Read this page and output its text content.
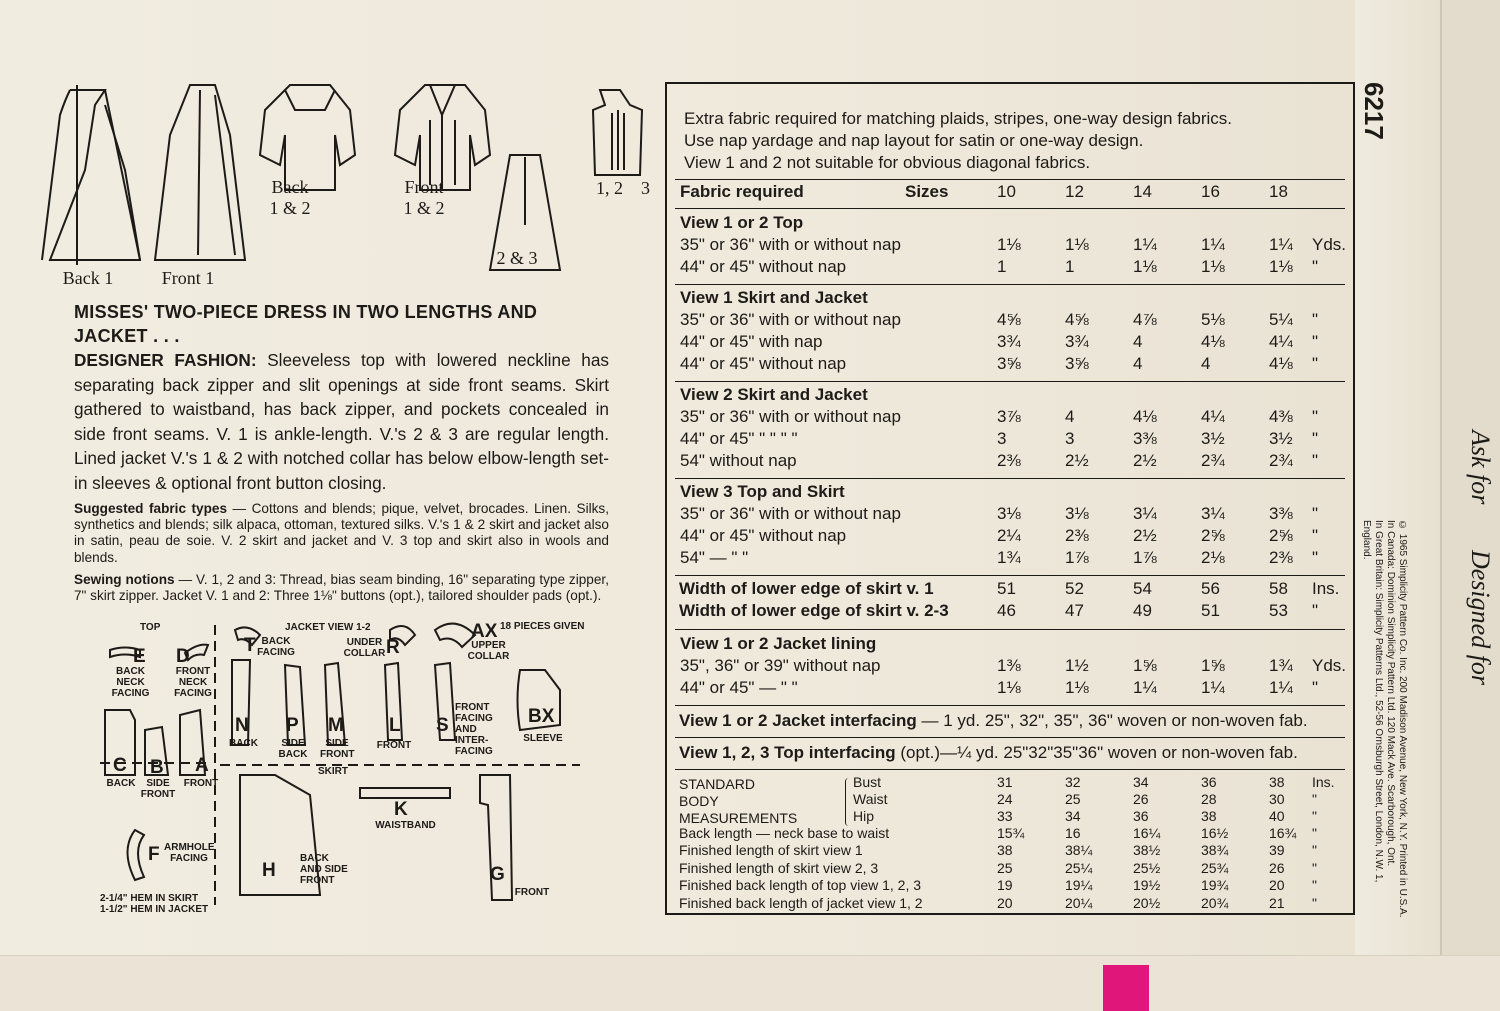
Back 1	Front 1
Back
1 & 2
Front
1 & 2
2 & 3
1, 2    3

MISSES' TWO-PIECE DRESS IN TWO LENGTHS AND JACKET . . .

DESIGNER FASHION: Sleeveless top with lowered neckline has separating back zipper and slit openings at side front seams. Skirt gathered to waistband, has back zipper, and pockets concealed in side front seams. V. 1 is ankle-length. V.'s 2 & 3 are regular length. Lined jacket V.'s 1 & 2 with notched collar has below elbow-length set-in sleeves & optional front button closing.

Suggested fabric types — Cottons and blends; pique, velvet, brocades. Linen. Silks, synthetics and blends; silk alpaca, ottoman, textured silks. V.'s 1 & 2 skirt and jacket also in satin, peau de soie. V. 2 skirt and jacket and V. 3 top and skirt also in wools and blends.

Sewing notions — V. 1, 2 and 3: Thread, bias seam binding, 16" separating type zipper, 7" skirt zipper. Jacket V. 1 and 2: Three 1⅛" buttons (opt.), tailored shoulder pads (opt.).

TOP	JACKET VIEW 1-2	18 PIECES GIVEN
SKIRT
E
BACK NECK FACING
D
FRONT NECK FACING
T BACK FACING	R
UNDER COLLAR
AX
UPPER COLLAR
N
BACK
P
SIDE BACK
M
SIDE FRONT
L
FRONT
S
FRONT FACING AND INTER-FACING
BX
SLEEVE
C
BACK
B
SIDE FRONT
A
FRONT
F ARMHOLE FACING
H
BACK AND SIDE FRONT
K
WAISTBAND
G
FRONT
2-1/4" HEM IN SKIRT
1-1/2" HEM IN JACKET
Extra fabric required for matching plaids, stripes, one-way design fabrics.
Use nap yardage and nap layout for satin or one-way design.
View 1 and 2 not suitable for obvious diagonal fabrics.
Fabric required	Sizes	10	12	14	16	18
View 1 or 2 Top
35" or 36" with or without nap	1⅛	1⅛	1¼	1¼	1¼ Yds.
44" or 45" without nap	1	1	1⅛	1⅛	1⅛ "
View 1 Skirt and Jacket
35" or 36" with or without nap	4⅝	4⅝	4⅞	5⅛	5¼ "
44" or 45" with nap	3¾	3¾	4	4⅛	4¼ "
44" or 45" without nap	3⅝	3⅝	4	4	4⅛ "
View 2 Skirt and Jacket
35" or 36" with or without nap	3⅞	4	4⅛	4¼	4⅜ "
44" or 45" " " " "	3	3	3⅜	3½	3½ "
54" without nap	2⅜	2½	2½	2¾	2¾ "
View 3 Top and Skirt
35" or 36" with or without nap	3⅛	3⅛	3¼	3¼	3⅜ "
44" or 45" without nap	2¼	2⅜	2½	2⅝	2⅝ "
54" — " "	1¾	1⅞	1⅞	2⅛	2⅜ "
Width of lower edge of skirt v. 1	51	52	54	56	58 Ins.
Width of lower edge of skirt v. 2-3	46	47	49	51	53 "
View 1 or 2 Jacket lining
35", 36" or 39" without nap	1⅜	1½	1⅝	1⅝	1¾ Yds.
44" or 45" — " "	1⅛	1⅛	1¼	1¼	1¼ "
View 1 or 2 Jacket interfacing — 1 yd. 25", 32", 35", 36" woven or non-woven fab.
View 1, 2, 3 Top interfacing (opt.)—¼ yd. 25"32"35"36" woven or non-woven fab.
STANDARD
BODY
MEASUREMENTS
Bust	31	32	34	36	38 Ins.
Waist	24	25	26	28	30 "
Hip	33	34	36	38	40 "
Back length — neck base to waist	15¾	16	16¼	16½	16¾ "
Finished length of skirt view 1	38	38¼	38½	38¾	39 "
Finished length of skirt view 2, 3	25	25¼	25½	25¾	26 "
Finished back length of top view 1, 2, 3	19	19¼	19½	19¾	20 "
Finished back length of jacket view 1, 2	20	20¼	20½	20¾	21 "
6217
© 1965 Simplicity Pattern Co. Inc. 200 Madison Avenue, New York, N.Y. Printed in U.S.A.
In Canada: Dominion Simplicity Pattern Ltd. 120 Mack Ave. Scarborough, Ont.
In Great Britain: Simplicity Patterns Ltd., 52-56 Ornsburgh Street, London, N.W. 1, England.
Ask for
Designed for
